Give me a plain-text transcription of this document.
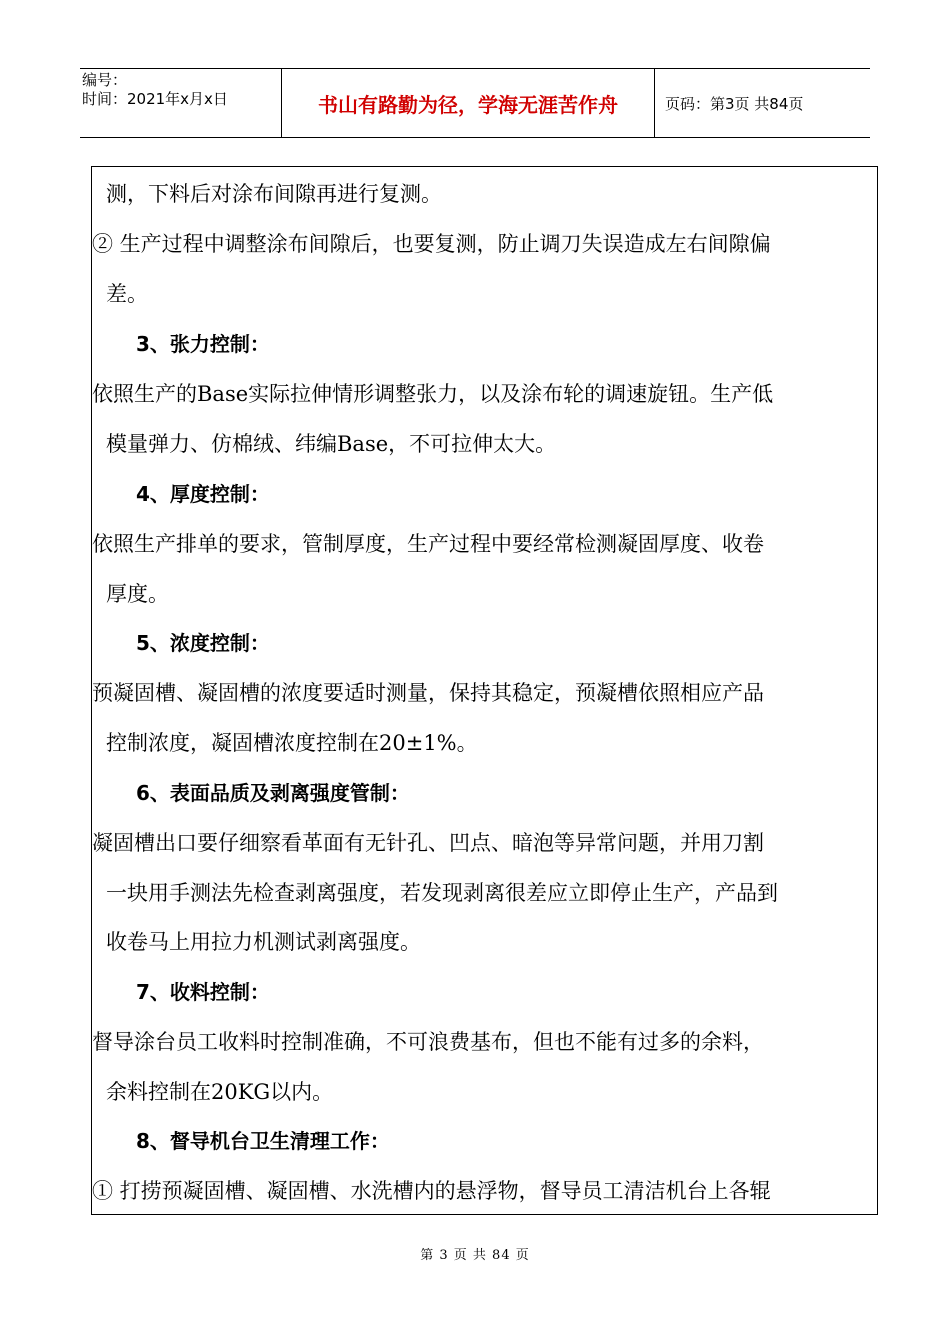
编号：
时间：2021年x月x日	书山有路勤为径，学海无涯苦作舟	页码：第3页 共84页
测，下料后对涂布间隙再进行复测。
② 生产过程中调整涂布间隙后，也要复测，防止调刀失误造成左右间隙偏
差。
3、张力控制：
依照生产的Base实际拉伸情形调整张力，以及涂布轮的调速旋钮。生产低
模量弹力、仿棉绒、纬编Base，不可拉伸太大。
4、厚度控制：
依照生产排单的要求，管制厚度，生产过程中要经常检测凝固厚度、收卷
厚度。
5、浓度控制：
预凝固槽、凝固槽的浓度要适时测量，保持其稳定，预凝槽依照相应产品
控制浓度，凝固槽浓度控制在20±1%。
6、表面品质及剥离强度管制：
凝固槽出口要仔细察看革面有无针孔、凹点、暗泡等异常问题，并用刀割
一块用手测法先检查剥离强度，若发现剥离很差应立即停止生产，产品到
收卷马上用拉力机测试剥离强度。
7、收料控制：
督导涂台员工收料时控制准确，不可浪费基布，但也不能有过多的余料，
余料控制在20KG以内。
8、督导机台卫生清理工作：
① 打捞预凝固槽、凝固槽、水洗槽内的悬浮物，督导员工清洁机台上各辊
第 3 页 共 84 页
